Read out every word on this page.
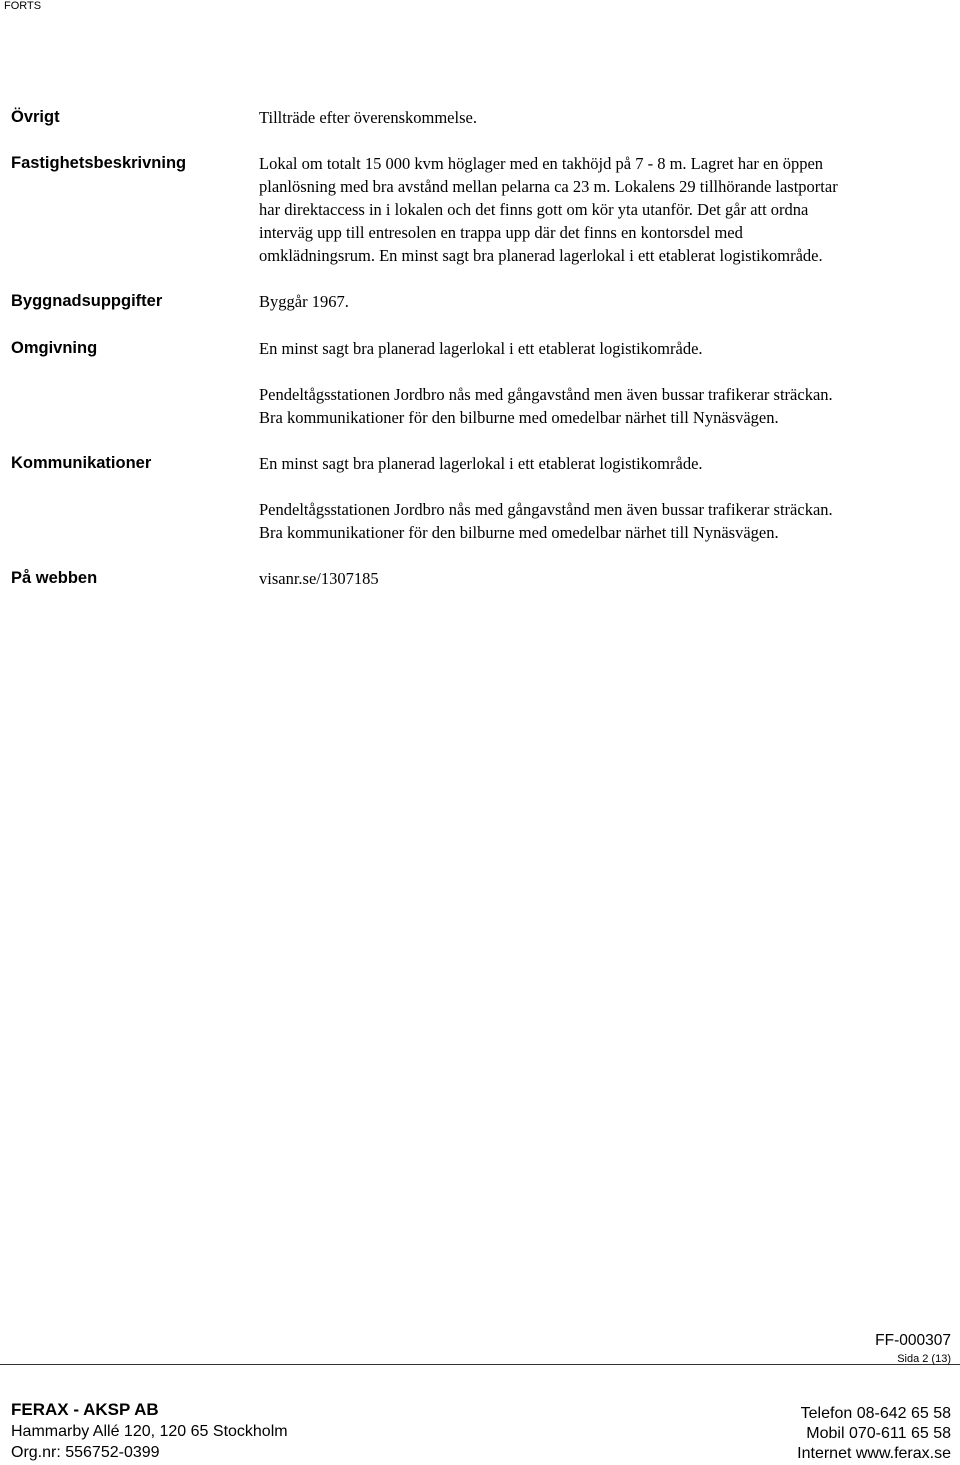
FORTS
Övrigt	Tillträde efter överenskommelse.
Fastighetsbeskrivning	Lokal om totalt 15 000 kvm höglager med en takhöjd på 7 - 8 m. Lagret har en öppen
planlösning med bra avstånd mellan pelarna ca 23 m. Lokalens 29 tillhörande lastportar
har direktaccess in i lokalen och det finns gott om kör yta utanför. Det går att ordna
interväg upp till entresolen en trappa upp där det finns en kontorsdel med
omklädningsrum. En minst sagt bra planerad lagerlokal i ett etablerat logistikområde.
Byggnadsuppgifter	Byggår 1967.
Omgivning	En minst sagt bra planerad lagerlokal i ett etablerat logistikområde.
Pendeltågsstationen Jordbro nås med gångavstånd men även bussar trafikerar sträckan.
Bra kommunikationer för den bilburne med omedelbar närhet till Nynäsvägen.
Kommunikationer	En minst sagt bra planerad lagerlokal i ett etablerat logistikområde.
Pendeltågsstationen Jordbro nås med gångavstånd men även bussar trafikerar sträckan.
Bra kommunikationer för den bilburne med omedelbar närhet till Nynäsvägen.
På webben	visanr.se/1307185
FF-000307
Sida 2 (13)
FERAX - AKSP AB
Hammarby Allé 120, 120 65 Stockholm
Org.nr: 556752-0399
Telefon 08-642 65 58
Mobil 070-611 65 58
Internet www.ferax.se
